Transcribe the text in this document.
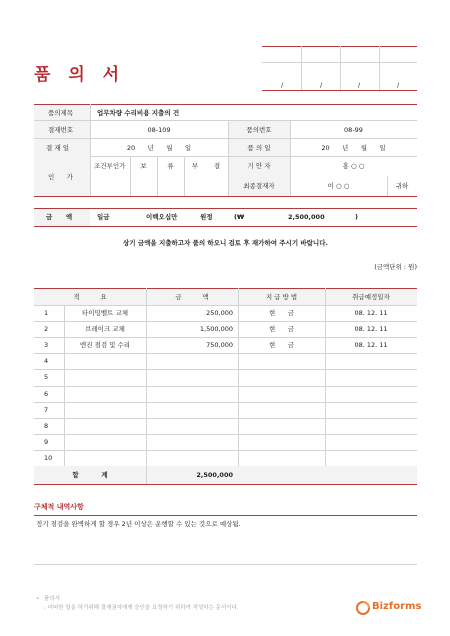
품 의 서	/	/	/	/
품의제목	업무차량 수리비용 지출의 건
결재번호	08-109	품의번호	08-99
결 재 일	20      년      월      일	품 의 일	20      년      월      일
인      가
조건부인가	보	류	부	결	기 안 자	홍 ○ ○
최종결재자	이 ○ ○	귀하
금      액	일금	이백오십만	원정	(₩	2,500,000	)
상기 금액을 지출하고자 품의 하오니 검토 후 재가하여 주시기 바랍니다.
(금액단위 : 원)
적          요	금          액	지 급 방 법	취급예정일자
1	타이밍벨트 교체	250,000	현      금	08. 12. 11
2	브레이크 교체	1,500,000	현      금	08. 12. 11
3	엔진 점검 및 수리	750,000	현      금	08. 12. 11
4
5
6
7
8
9
10
합          계	2,500,000
구체적 내역사항
정기 점검을 완벽하게 할 경우 2년 이상은 운행할 수 있는 것으로 예상됨.
• 품의서
: 어떠한 일을 하기위해 결재권자에게 승인을 요청하기 위하여 작성하는 문서이다.	Bizforms
